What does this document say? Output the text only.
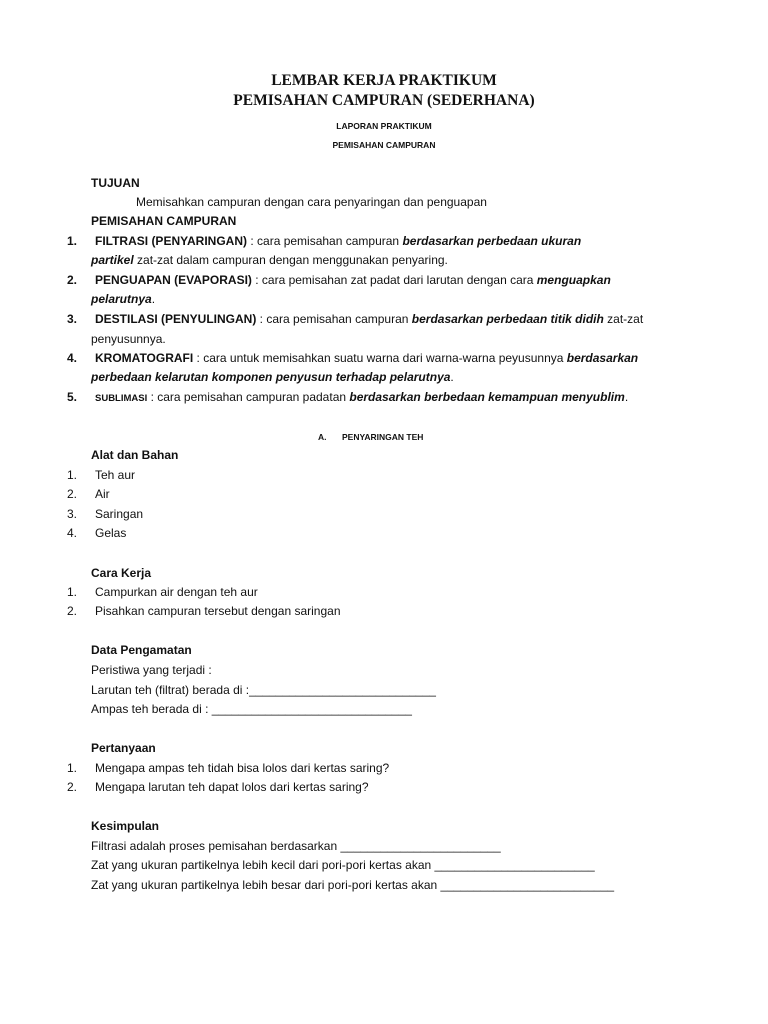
LEMBAR KERJA PRAKTIKUM
PEMISAHAN CAMPURAN (SEDERHANA)
LAPORAN PRAKTIKUM
PEMISAHAN CAMPURAN
TUJUAN
Memisahkan campuran dengan cara penyaringan dan penguapan
PEMISAHAN CAMPURAN
1. FILTRASI (PENYARINGAN) : cara pemisahan campuran berdasarkan perbedaan ukuran
partikel zat-zat dalam campuran dengan menggunakan penyaring.
2. PENGUAPAN (EVAPORASI) : cara pemisahan zat padat dari larutan dengan cara menguapkan
pelarutnya.
3. DESTILASI (PENYULINGAN) : cara pemisahan campuran berdasarkan perbedaan titik didih zat-zat
penyusunnya.
4. KROMATOGRAFI : cara untuk memisahkan suatu warna dari warna-warna peyusunnya berdasarkan
perbedaan kelarutan komponen penyusun terhadap pelarutnya.
5. SUBLIMASI : cara pemisahan campuran padatan berdasarkan berbedaan kemampuan menyublim.
A. PENYARINGAN TEH
Alat dan Bahan
1. Teh aur
2. Air
3. Saringan
4. Gelas
Cara Kerja
1. Campurkan air dengan teh aur
2. Pisahkan campuran tersebut dengan saringan
Data Pengamatan
Peristiwa yang terjadi :
Larutan teh (filtrat) berada di :____________________________
Ampas teh berada di : ______________________________
Pertanyaan
1. Mengapa ampas teh tidah bisa lolos dari kertas saring?
2. Mengapa larutan teh dapat lolos dari kertas saring?
Kesimpulan
Filtrasi adalah proses pemisahan berdasarkan ________________________
Zat yang ukuran partikelnya lebih kecil dari pori-pori kertas akan ________________________
Zat yang ukuran partikelnya lebih besar dari pori-pori kertas akan __________________________
